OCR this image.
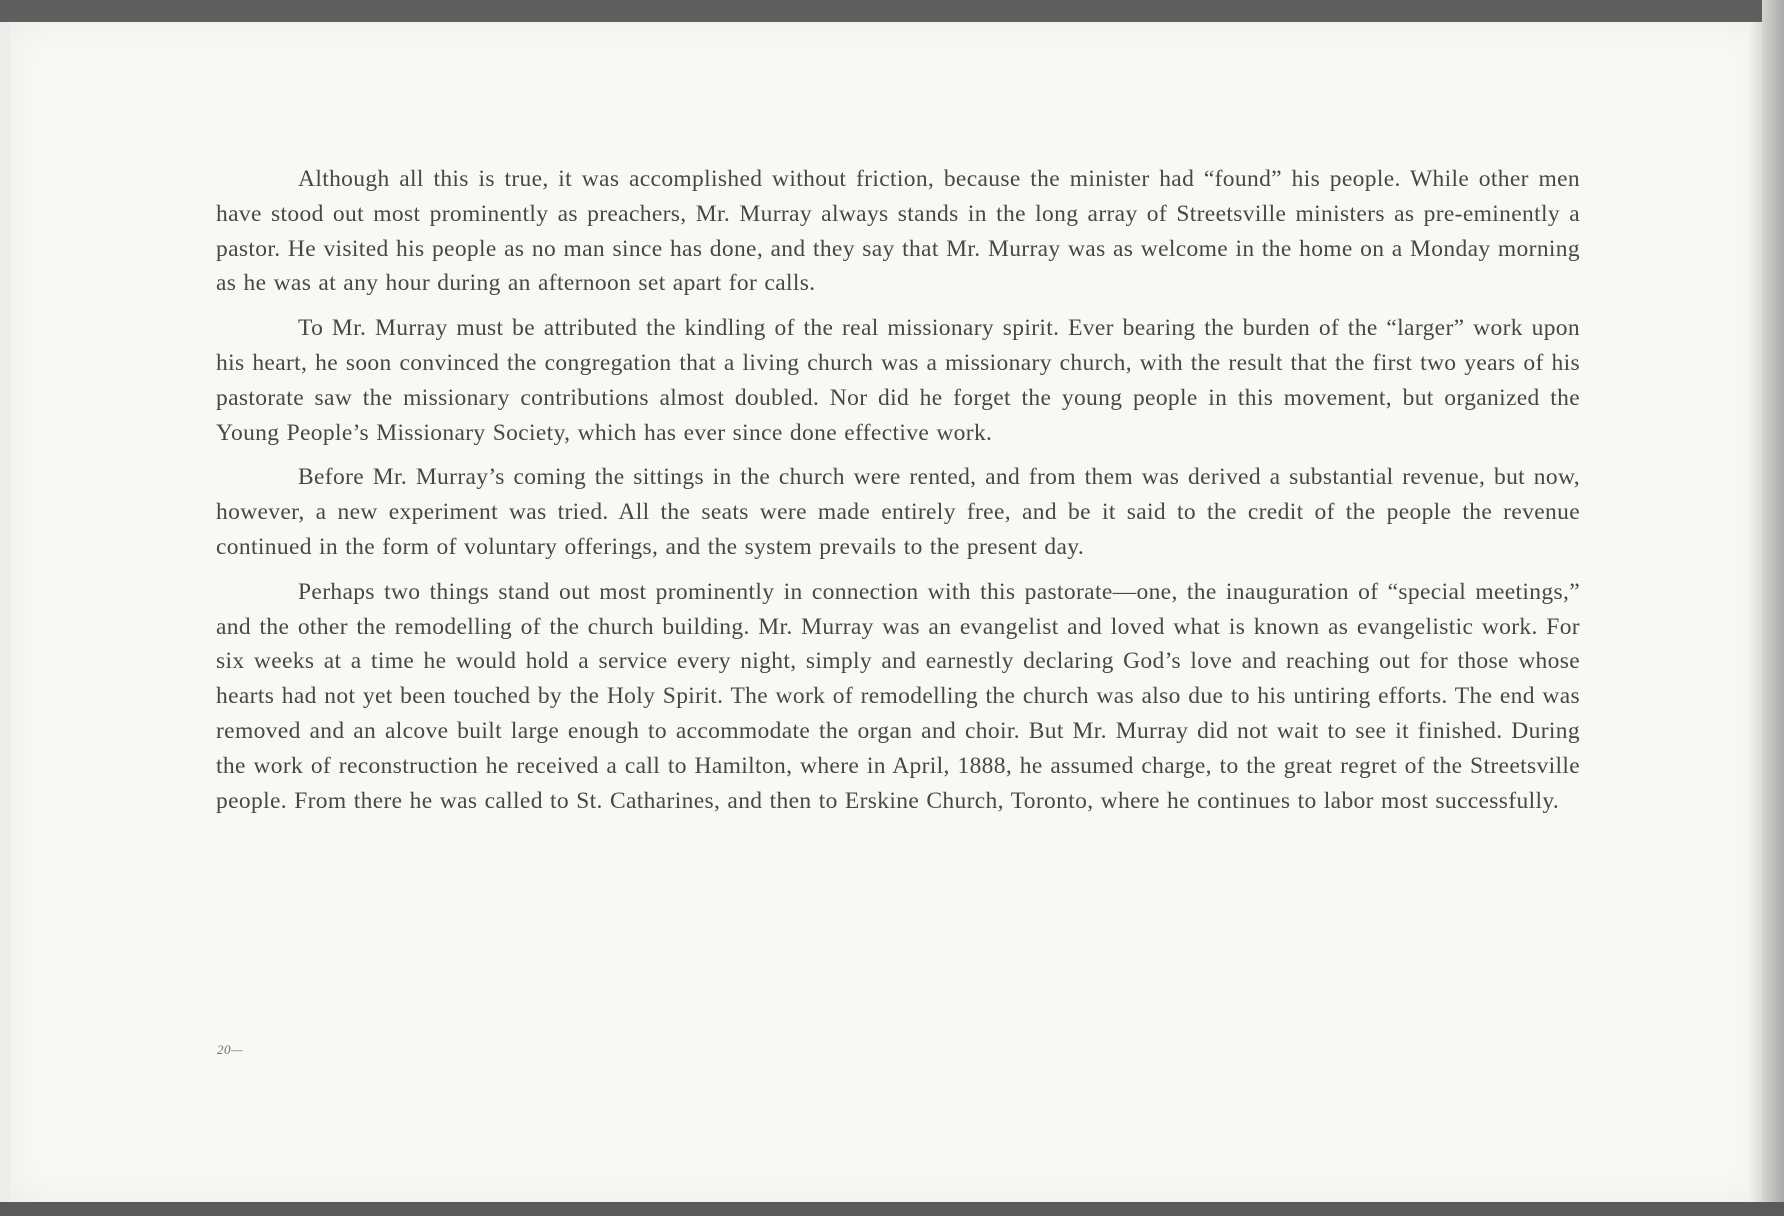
Although all this is true, it was accomplished without friction, because the minister had “found” his people. While other men have stood out most prominently as preachers, Mr. Murray always stands in the long array of Streetsville ministers as pre-eminently a pastor. He visited his people as no man since has done, and they say that Mr. Murray was as welcome in the home on a Monday morning as he was at any hour during an afternoon set apart for calls.

To Mr. Murray must be attributed the kindling of the real missionary spirit. Ever bearing the burden of the “larger” work upon his heart, he soon convinced the congregation that a living church was a missionary church, with the result that the first two years of his pastorate saw the missionary contributions almost doubled. Nor did he forget the young people in this movement, but organized the Young People’s Missionary Society, which has ever since done effective work.

Before Mr. Murray’s coming the sittings in the church were rented, and from them was derived a substantial revenue, but now, however, a new experiment was tried. All the seats were made entirely free, and be it said to the credit of the people the revenue continued in the form of voluntary offerings, and the system prevails to the present day.

Perhaps two things stand out most prominently in connection with this pastorate—one, the inauguration of “special meetings,” and the other the remodelling of the church building. Mr. Murray was an evangelist and loved what is known as evangelistic work. For six weeks at a time he would hold a service every night, simply and earnestly declaring God’s love and reaching out for those whose hearts had not yet been touched by the Holy Spirit. The work of remodelling the church was also due to his untiring efforts. The end was removed and an alcove built large enough to accommodate the organ and choir. But Mr. Murray did not wait to see it finished. During the work of reconstruction he received a call to Hamilton, where in April, 1888, he assumed charge, to the great regret of the Streetsville people. From there he was called to St. Catharines, and then to Erskine Church, Toronto, where he continues to labor most successfully.

20—
